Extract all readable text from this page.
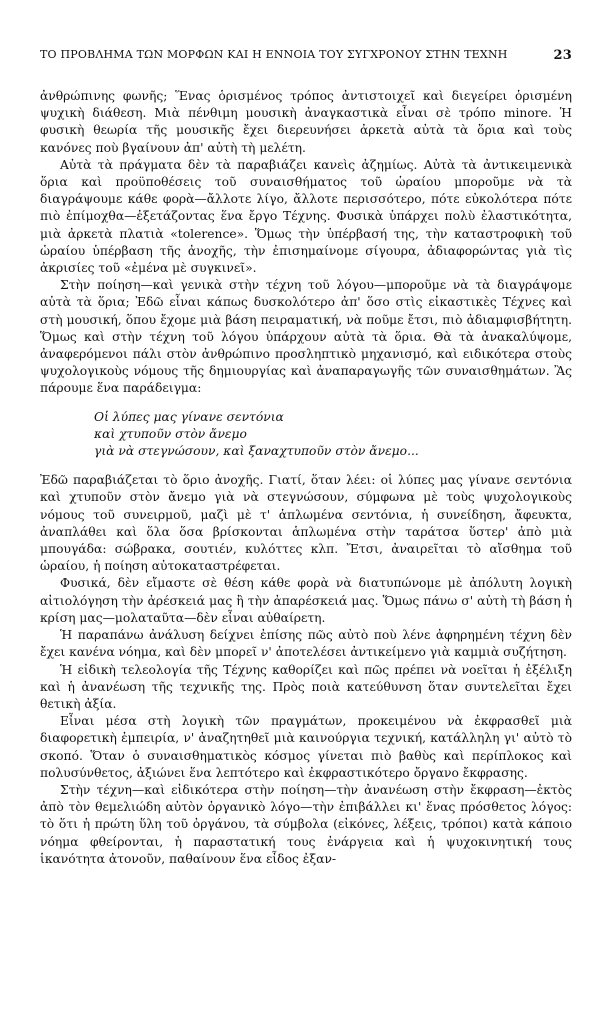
ΤΟ ΠΡΟΒΛΗΜΑ ΤΩΝ ΜΟΡΦΩΝ ΚΑΙ Η ΕΝΝΟΙΑ ΤΟΥ ΣΥΓΧΡΟΝΟΥ ΣΤΗΝ ΤΕΧΝΗ	23

ἀνθρώπινης φωνῆς; Ἕνας ὁρισμένος τρόπος ἀντιστοιχεῖ καὶ διεγείρει ὁρισμένη ψυχικὴ διάθεση. Μιὰ πένθιμη μουσικὴ ἀναγκαστικὰ εἶναι σὲ τρόπο minore. Ἡ φυσικὴ θεωρία τῆς μουσικῆς ἔχει διερευνήσει ἀρκετὰ αὐτὰ τὰ ὅρια καὶ τοὺς κανόνες ποὺ βγαίνουν ἀπ' αὐτὴ τὴ μελέτη.

Αὐτὰ τὰ πράγματα δὲν τὰ παραβιάζει κανεὶς ἀζημίως. Αὐτὰ τὰ ἀντικειμενικὰ ὅρια καὶ προϋποθέσεις τοῦ συναισθήματος τοῦ ὡραίου μποροῦμε νὰ τὰ διαγράψουμε κάθε φορὰ—ἄλλοτε λίγο, ἄλλοτε περισσότερο, πότε εὐκολότερα πότε πιὸ ἐπίμοχθα—ἐξετάζοντας ἕνα ἔργο Τέχνης. Φυσικὰ ὑπάρχει πολὺ ἐλαστικότητα, μιὰ ἀρκετὰ πλατιὰ «tolerence». Ὅμως τὴν ὑπέρβασή της, τὴν καταστροφικὴ τοῦ ὡραίου ὑπέρβαση τῆς ἀνοχῆς, τὴν ἐπισημαίνομε σίγουρα, ἀδιαφορώντας γιὰ τὶς ἀκρισίες τοῦ «ἐμένα μὲ συγκινεῖ».

Στὴν ποίηση—καὶ γενικὰ στὴν τέχνη τοῦ λόγου—μποροῦμε νὰ τὰ διαγράψομε αὐτὰ τὰ ὅρια; Ἐδῶ εἶναι κάπως δυσκολότερο ἀπ' ὅσο στὶς εἰκαστικὲς Τέχνες καὶ στὴ μουσική, ὅπου ἔχομε μιὰ βάση πειραματική, νὰ ποῦμε ἔτσι, πιὸ ἀδιαμφισβήτητη. Ὅμως καὶ στὴν τέχνη τοῦ λόγου ὑπάρχουν αὐτὰ τὰ ὅρια. Θὰ τὰ ἀνακαλύψομε, ἀναφερόμενοι πάλι στὸν ἀνθρώπινο προσληπτικὸ μηχανισμό, καὶ ειδικότερα στοὺς ψυχολογικοὺς νόμους τῆς δημιουργίας καὶ ἀναπαραγωγῆς τῶν συναισθημάτων. Ἂς πάρουμε ἕνα παράδειγμα:

Οἱ λύπες μας γίνανε σεντόνια
καὶ χτυποῦν στὸν ἄνεμο
γιὰ νὰ στεγνώσουν, καὶ ξαναχτυποῦν στὸν ἄνεμο...

Ἐδῶ παραβιάζεται τὸ ὅριο ἀνοχῆς. Γιατί, ὅταν λέει: οἱ λύπες μας γίνανε σεντόνια καὶ χτυποῦν στὸν ἄνεμο γιὰ νὰ στεγνώσουν, σύμφωνα μὲ τοὺς ψυχολογικοὺς νόμους τοῦ συνειρμοῦ, μαζὶ μὲ τ' ἁπλωμένα σεντόνια, ἡ συνείδηση, ἄφευκτα, ἀναπλάθει καὶ ὅλα ὅσα βρίσκονται ἁπλωμένα στὴν ταράτσα ὕστερ' ἀπὸ μιὰ μπουγάδα: σώβρακα, σουτιέν, κυλόττες κλπ. Ἔτσι, ἀναιρεῖται τὸ αἴσθημα τοῦ ὡραίου, ἡ ποίηση αὐτοκαταστρέφεται.

Φυσικά, δὲν εἴμαστε σὲ θέση κάθε φορὰ νὰ διατυπώνομε μὲ ἀπόλυτη λογικὴ αἰτιολόγηση τὴν ἀρέσκειά μας ἢ τὴν ἀπαρέσκειά μας. Ὅμως πάνω σ' αὐτὴ τὴ βάση ἡ κρίση μας—μολαταῦτα—δὲν εἶναι αὐθαίρετη.

Ἡ παραπάνω ἀνάλυση δείχνει ἐπίσης πῶς αὐτὸ ποὺ λένε ἀφηρημένη τέχνη δὲν ἔχει κανένα νόημα, καὶ δὲν μπορεῖ ν' ἀποτελέσει ἀντικείμενο γιὰ καμμιὰ συζήτηση.

Ἡ εἰδικὴ τελεολογία τῆς Τέχνης καθορίζει καὶ πῶς πρέπει νὰ νοεῖται ἡ ἐξέλιξη καὶ ἡ ἀνανέωση τῆς τεχνικῆς της. Πρὸς ποιὰ κατεύθυνση ὅταν συντελεῖται ἔχει θετικὴ ἀξία.

Εἶναι μέσα στὴ λογικὴ τῶν πραγμάτων, προκειμένου νὰ ἐκφρασθεῖ μιὰ διαφορετικὴ ἐμπειρία, ν' ἀναζητηθεῖ μιὰ καινούργια τεχνική, κατάλληλη γι' αὐτὸ τὸ σκοπό. Ὅταν ὁ συναισθηματικὸς κόσμος γίνεται πιὸ βαθὺς καὶ περίπλοκος καὶ πολυσύνθετος, ἀξιώνει ἕνα λεπτότερο καὶ ἐκφραστικότερο ὄργανο ἔκφρασης.

Στὴν τέχνη—καὶ εἰδικότερα στὴν ποίηση—τὴν ἀνανέωση στὴν ἔκφραση—ἐκτὸς ἀπὸ τὸν θεμελιώδη αὐτὸν ὀργανικὸ λόγο—τὴν ἐπιβάλλει κι' ἕνας πρόσθετος λόγος: τὸ ὅτι ἡ πρώτη ὕλη τοῦ ὀργάνου, τὰ σύμβολα (εἰκόνες, λέξεις, τρόποι) κατὰ κάποιο νόημα φθείρονται, ἡ παραστατική τους ἐνάργεια καὶ ἡ ψυχοκινητική τους ἱκανότητα ἀτονοῦν, παθαίνουν ἕνα εἶδος ἐξαν-
